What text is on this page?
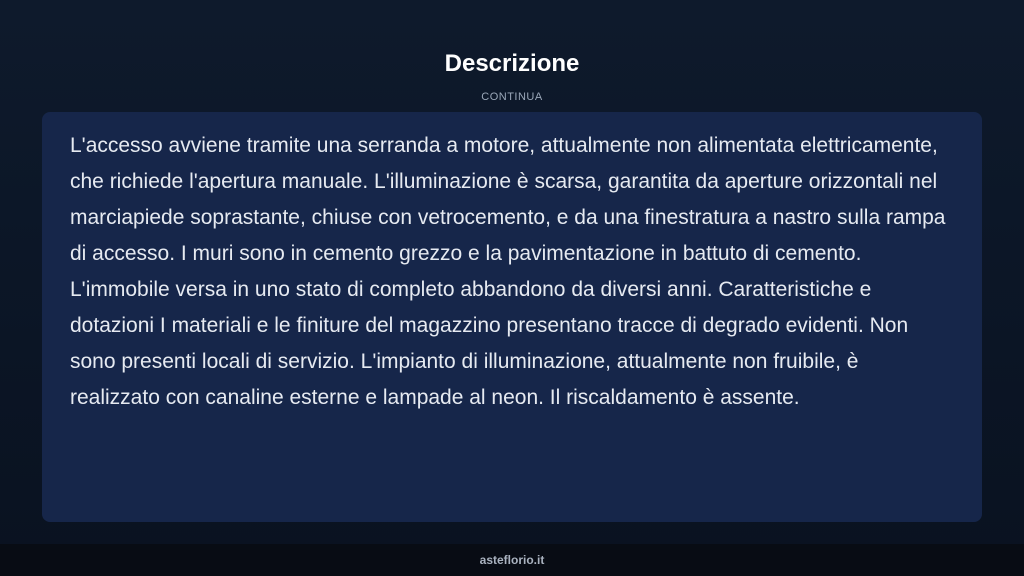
Descrizione
CONTINUA

L'accesso avviene tramite una serranda a motore, attualmente non alimentata elettricamente, che richiede l'apertura manuale. L'illuminazione è scarsa, garantita da aperture orizzontali nel marciapiede soprastante, chiuse con vetrocemento, e da una finestratura a nastro sulla rampa di accesso. I muri sono in cemento grezzo e la pavimentazione in battuto di cemento. L'immobile versa in uno stato di completo abbandono da diversi anni. Caratteristiche e dotazioni I materiali e le finiture del magazzino presentano tracce di degrado evidenti. Non sono presenti locali di servizio. L'impianto di illuminazione, attualmente non fruibile, è realizzato con canaline esterne e lampade al neon. Il riscaldamento è assente.

asteflorio.it
